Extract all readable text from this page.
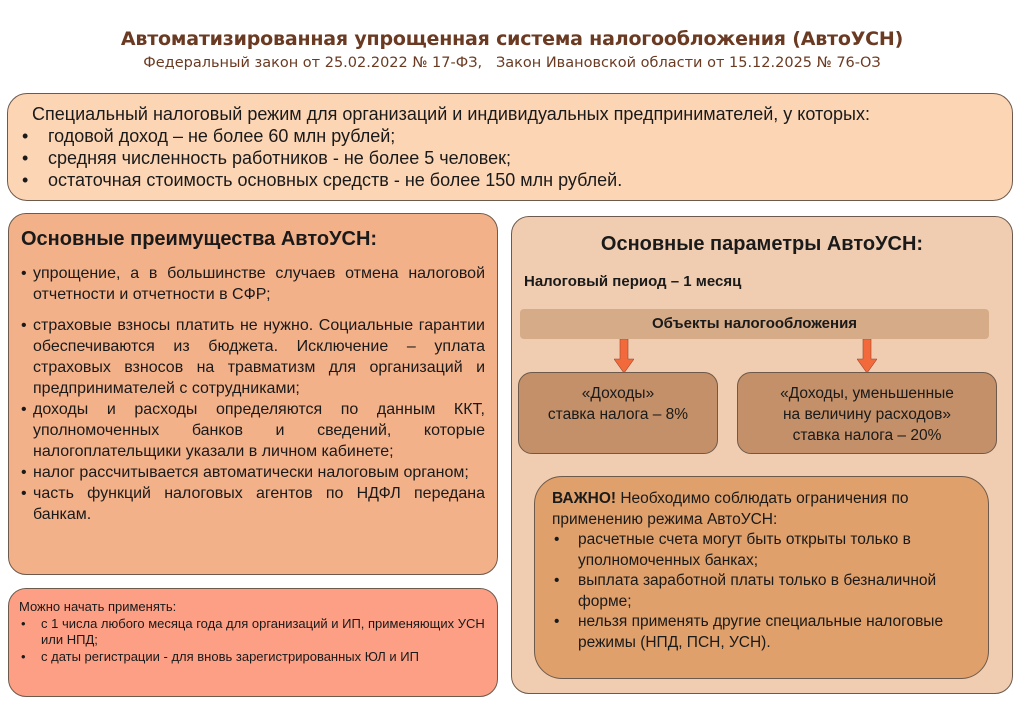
Автоматизированная упрощенная система налогообложения (АвтоУСН)
Федеральный закон от 25.02.2022 № 17-ФЗ,   Закон Ивановской области от 15.12.2025 № 76-ОЗ
Специальный налоговый режим для организаций и индивидуальных предпринимателей, у которых:
• годовой доход – не более 60 млн рублей;
• средняя численность работников - не более 5 человек;
• остаточная стоимость основных средств - не более 150 млн рублей.
Основные преимущества АвтоУСН:
• упрощение, а в большинстве случаев отмена налоговой отчетности и отчетности в СФР;
• страховые взносы платить не нужно. Социальные гарантии обеспечиваются из бюджета. Исключение – уплата страховых взносов на травматизм для организаций и предпринимателей с сотрудниками;
• доходы и расходы определяются по данным ККТ, уполномоченных банков и сведений, которые налогоплательщики указали в личном кабинете;
• налог рассчитывается автоматически налоговым органом;
• часть функций налоговых агентов по НДФЛ передана банкам.
Можно начать применять:
• с 1 числа любого месяца года для организаций и ИП, применяющих УСН или НПД;
• с даты регистрации - для вновь зарегистрированных ЮЛ и ИП
Основные параметры АвтоУСН:
Налоговый период – 1 месяц
Объекты налогообложения
«Доходы»
ставка налога – 8%
«Доходы, уменьшенные
на величину расходов»
ставка налога – 20%
ВАЖНО! Необходимо соблюдать ограничения по применению режима АвтоУСН:
• расчетные счета могут быть открыты только в уполномоченных банках;
• выплата заработной платы только в безналичной форме;
• нельзя применять другие специальные налоговые режимы (НПД, ПСН, УСН).
